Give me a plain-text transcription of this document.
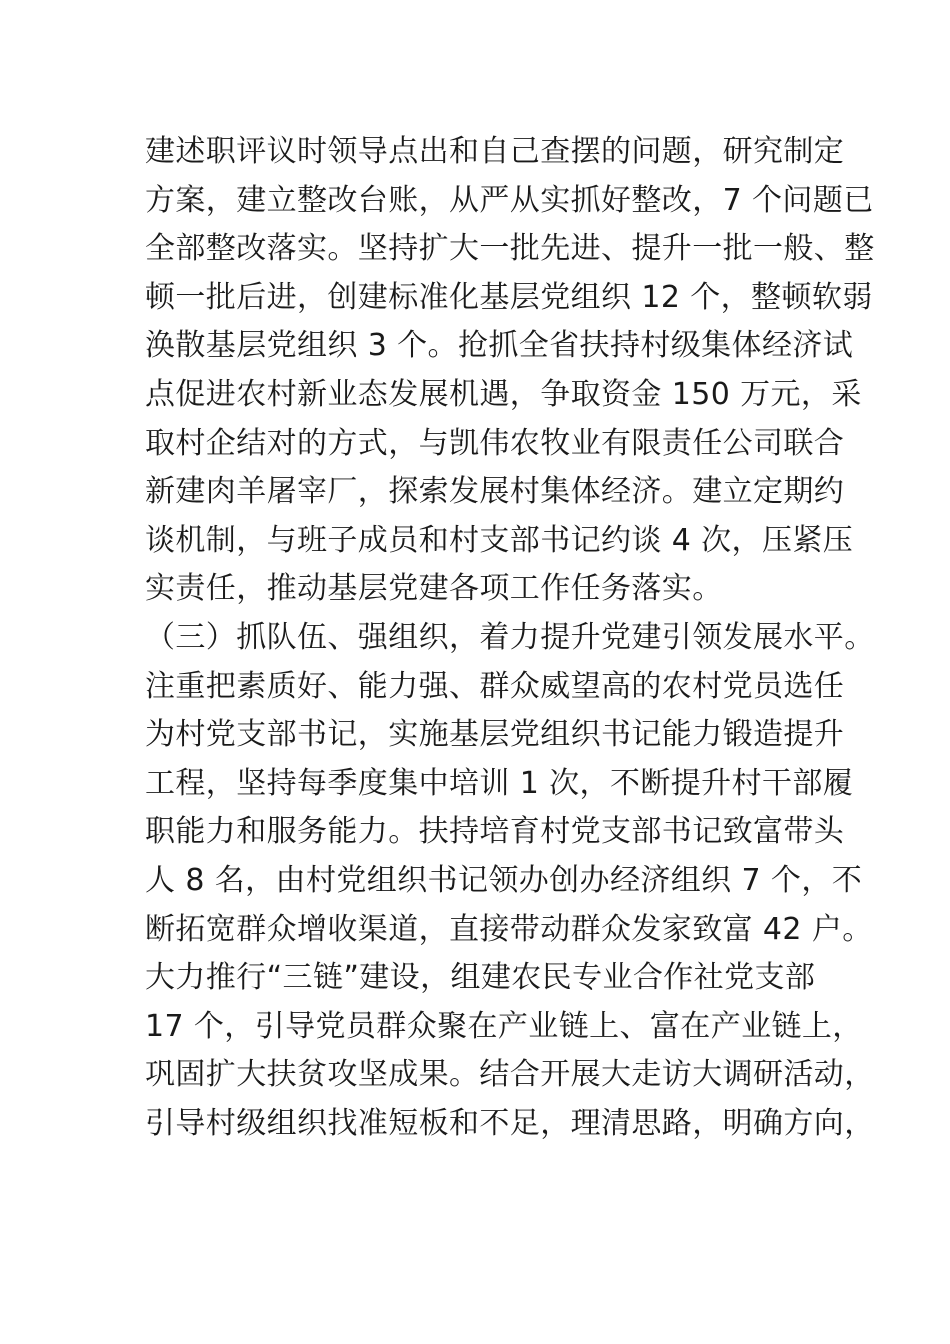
建述职评议时领导点出和自己查摆的问题，研究制定
方案，建立整改台账，从严从实抓好整改，7 个问题已
全部整改落实。坚持扩大一批先进、提升一批一般、整
顿一批后进，创建标准化基层党组织 12 个，整顿软弱
涣散基层党组织 3 个。抢抓全省扶持村级集体经济试
点促进农村新业态发展机遇，争取资金 150 万元，采
取村企结对的方式，与凯伟农牧业有限责任公司联合
新建肉羊屠宰厂，探索发展村集体经济。建立定期约
谈机制，与班子成员和村支部书记约谈 4 次，压紧压
实责任，推动基层党建各项工作任务落实。
（三）抓队伍、强组织，着力提升党建引领发展水平。
注重把素质好、能力强、群众威望高的农村党员选任
为村党支部书记，实施基层党组织书记能力锻造提升
工程，坚持每季度集中培训 1 次，不断提升村干部履
职能力和服务能力。扶持培育村党支部书记致富带头
人 8 名，由村党组织书记领办创办经济组织 7 个，不
断拓宽群众增收渠道，直接带动群众发家致富 42 户。
大力推行“三链”建设，组建农民专业合作社党支部
17 个，引导党员群众聚在产业链上、富在产业链上，
巩固扩大扶贫攻坚成果。结合开展大走访大调研活动，
引导村级组织找准短板和不足，理清思路，明确方向，
